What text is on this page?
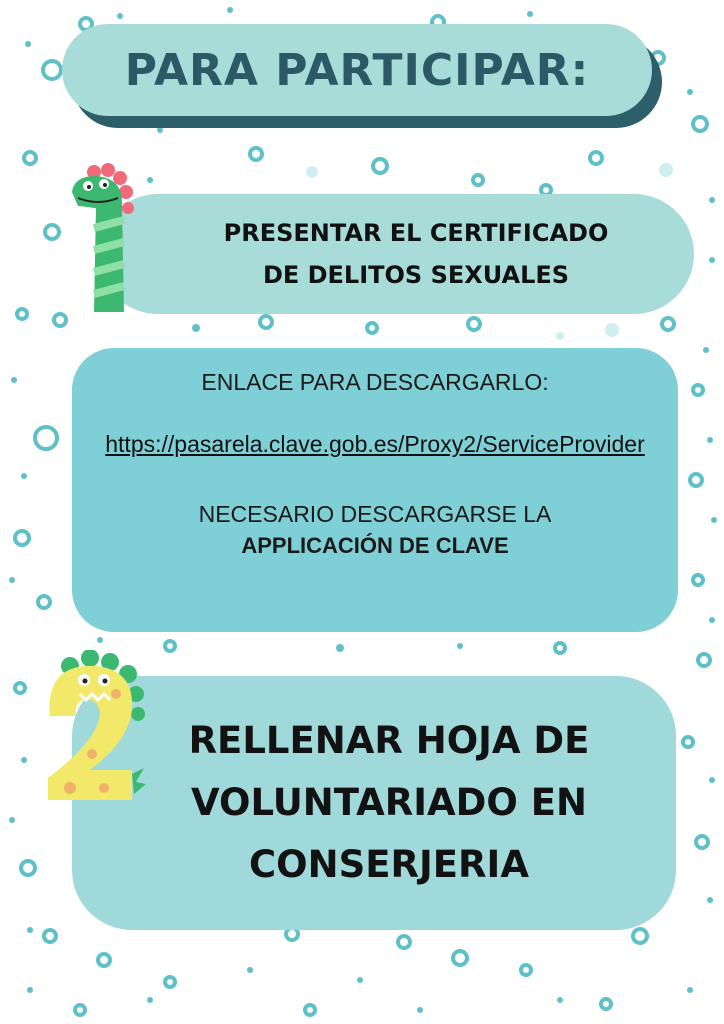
PARA PARTICIPAR:
PRESENTAR EL CERTIFICADO
DE DELITOS SEXUALES
ENLACE PARA DESCARGARLO:
https://pasarela.clave.gob.es/Proxy2/ServiceProvider
NECESARIO DESCARGARSE LA
APPLICACIÓN DE CLAVE
RELLENAR HOJA DE
VOLUNTARIADO EN
CONSERJERIA
